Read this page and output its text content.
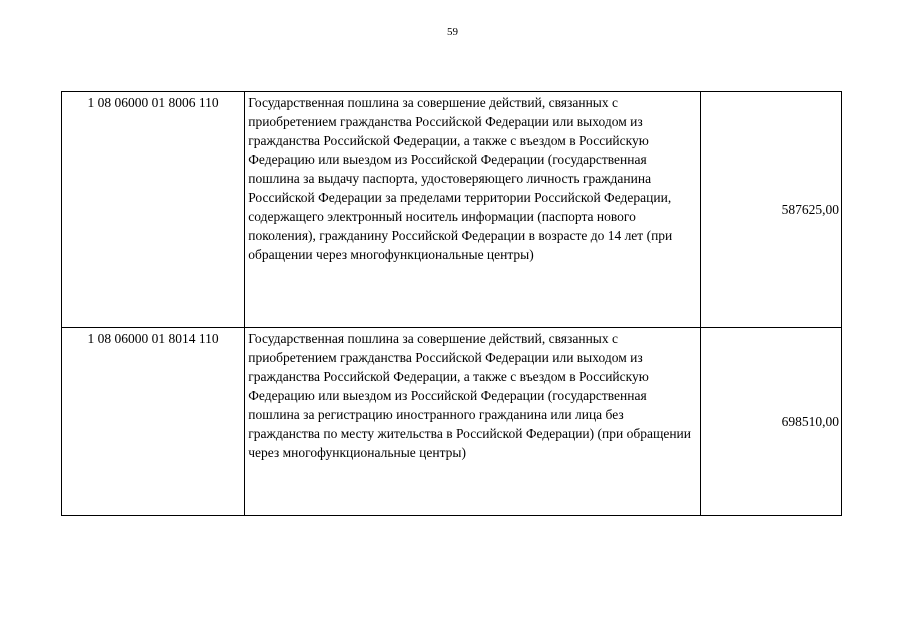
59
1 08 06000 01 8006 110	Государственная пошлина за совершение действий, связанных с приобретением гражданства Российской Федерации или выходом из гражданства Российской Федерации, а также с въездом в Российскую Федерацию или выездом из Российской Федерации (государственная пошлина за выдачу паспорта, удостоверяющего личность гражданина Российской Федерации за пределами территории Российской Федерации, содержащего электронный носитель информации (паспорта нового поколения), гражданину Российской Федерации в возрасте до 14 лет (при обращении через многофункциональные центры)	587625,00
1 08 06000 01 8014 110	Государственная пошлина за совершение действий, связанных с приобретением гражданства Российской Федерации или выходом из гражданства Российской Федерации, а также с въездом в Российскую Федерацию или выездом из Российской Федерации (государственная пошлина за регистрацию иностранного гражданина или лица без гражданства по месту жительства в Российской Федерации) (при обращении через многофункциональные центры)	698510,00
